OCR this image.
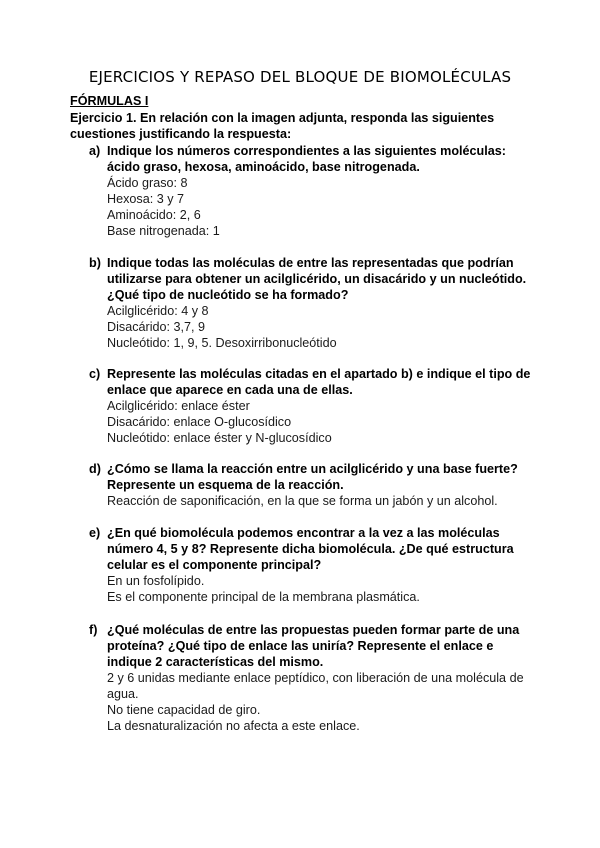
EJERCICIOS Y REPASO DEL BLOQUE DE BIOMOLÉCULAS
FÓRMULAS I
Ejercicio 1. En relación con la imagen adjunta, responda las siguientes cuestiones justificando la respuesta:
a) Indique los números correspondientes a las siguientes moléculas: ácido graso, hexosa, aminoácido, base nitrogenada.
Ácido graso: 8
Hexosa: 3 y 7
Aminoácido: 2, 6
Base nitrogenada: 1
b) Indique todas las moléculas de entre las representadas que podrían utilizarse para obtener un acilglicérido, un disacárido y un nucleótido. ¿Qué tipo de nucleótido se ha formado?
Acilglicérido: 4 y 8
Disacárido: 3,7, 9
Nucleótido: 1, 9, 5. Desoxirribonucleótido
c) Represente las moléculas citadas en el apartado b) e indique el tipo de enlace que aparece en cada una de ellas.
Acilglicérido: enlace éster
Disacárido: enlace O-glucosídico
Nucleótido: enlace éster y N-glucosídico
d) ¿Cómo se llama la reacción entre un acilglicérido y una base fuerte? Represente un esquema de la reacción.
Reacción de saponificación, en la que se forma un jabón y un alcohol.
e) ¿En qué biomolécula podemos encontrar a la vez a las moléculas número 4, 5 y 8? Represente dicha biomolécula. ¿De qué estructura celular es el componente principal?
En un fosfolípido.
Es el componente principal de la membrana plasmática.
f) ¿Qué moléculas de entre las propuestas pueden formar parte de una proteína? ¿Qué tipo de enlace las uniría? Represente el enlace e indique 2 características del mismo.
2 y 6 unidas mediante enlace peptídico, con liberación de una molécula de agua.
No tiene capacidad de giro.
La desnaturalización no afecta a este enlace.
